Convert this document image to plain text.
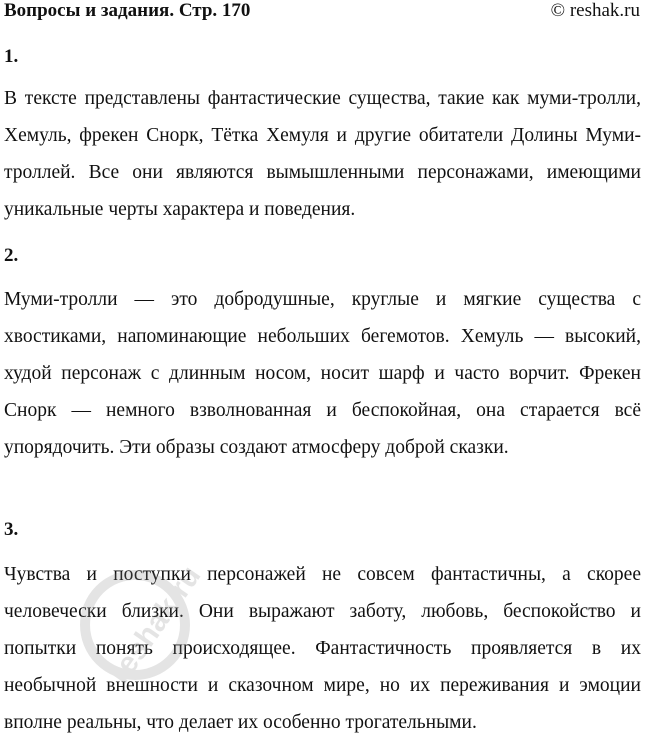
Вопросы и задания. Стр. 170	© reshak.ru
1.

В тексте представлены фантастические существа, такие как муми-тролли, Хемуль, фрекен Снорк, Тётка Хемуля и другие обитатели Долины Муми-троллей. Все они являются вымышленными персонажами, имеющими уникальные черты характера и поведения.

2.

Муми-тролли — это добродушные, круглые и мягкие существа с хвостиками, напоминающие небольших бегемотов. Хемуль — высокий, худой персонаж с длинным носом, носит шарф и часто ворчит. Фрекен Снорк — немного взволнованная и беспокойная, она старается всё упорядочить. Эти образы создают атмосферу доброй сказки.

3.

Чувства и поступки персонажей не совсем фантастичны, а скорее человечески близки. Они выражают заботу, любовь, беспокойство и попытки понять происходящее. Фантастичность проявляется в их необычной внешности и сказочном мире, но их переживания и эмоции вполне реальны, что делает их особенно трогательными.

reshak.ru
